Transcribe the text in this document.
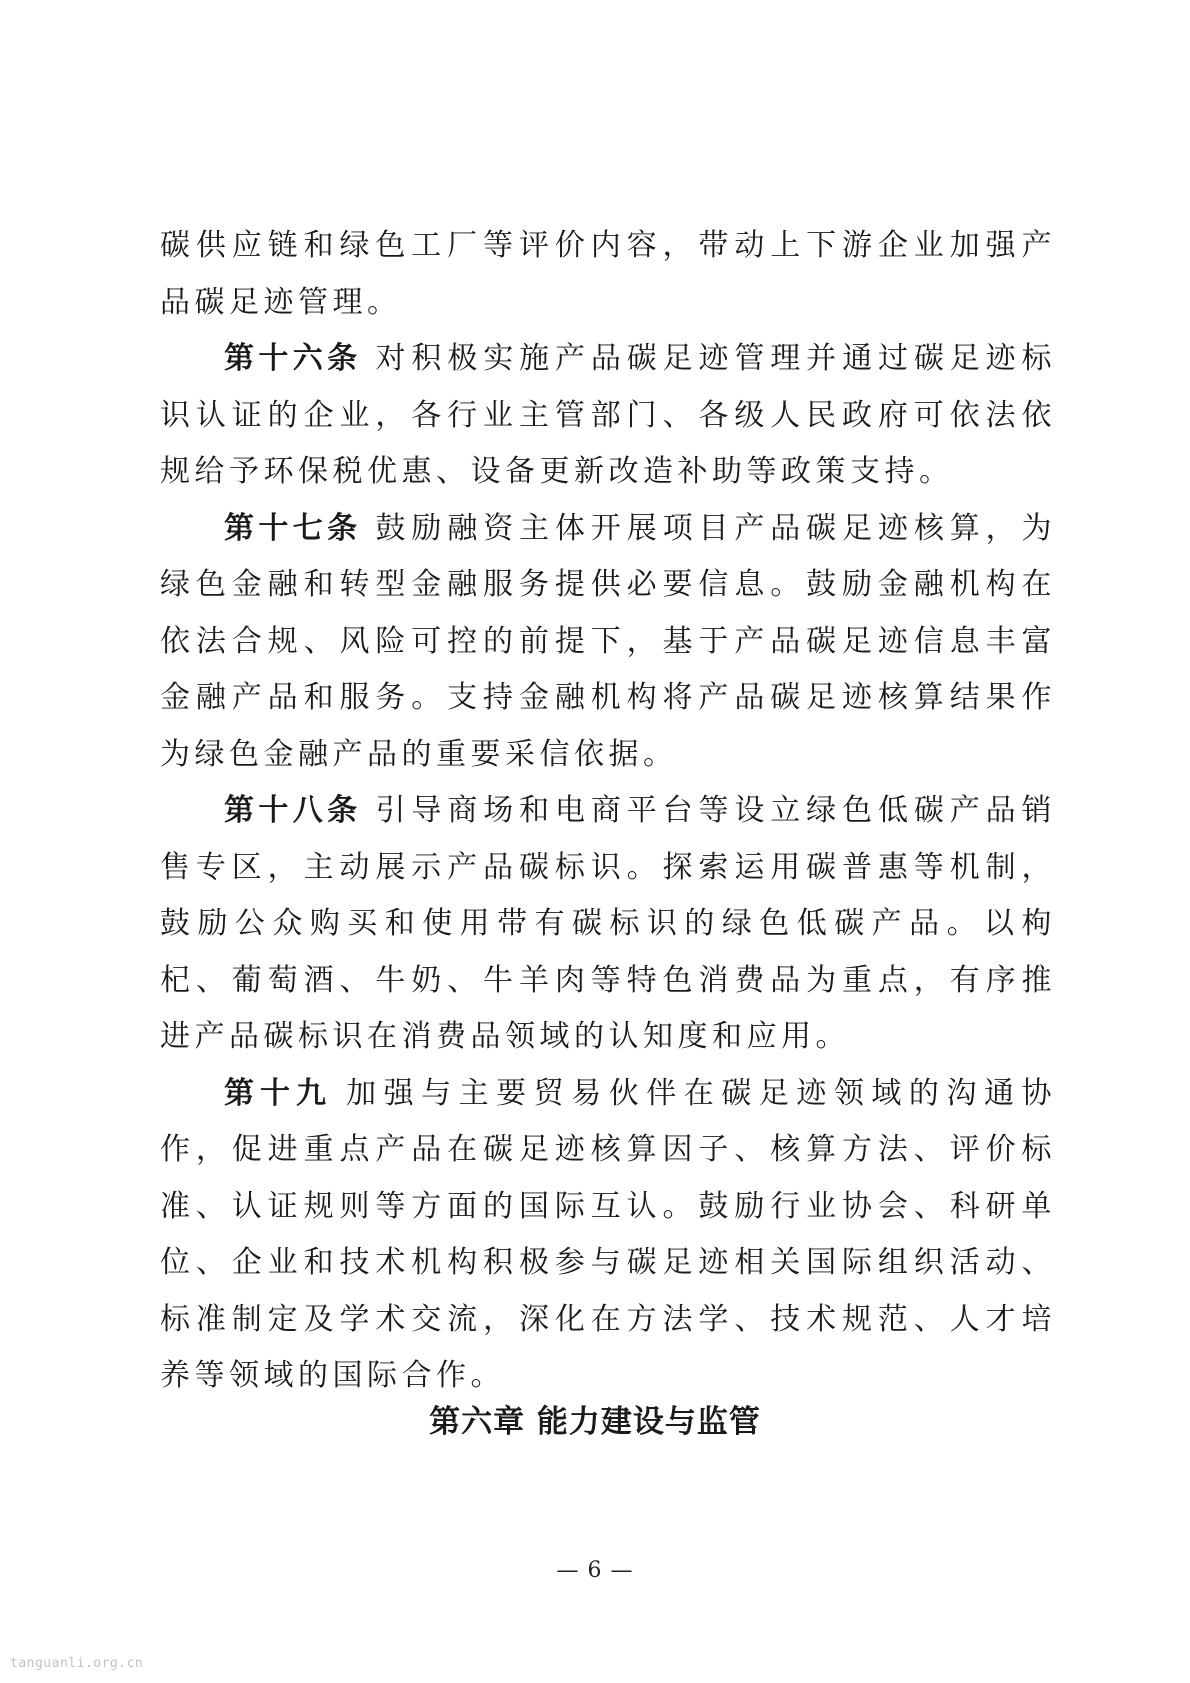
碳供应链和绿色工厂等评价内容，带动上下游企业加强产品碳足迹管理。

第十六条 对积极实施产品碳足迹管理并通过碳足迹标识认证的企业，各行业主管部门、各级人民政府可依法依规给予环保税优惠、设备更新改造补助等政策支持。

第十七条 鼓励融资主体开展项目产品碳足迹核算，为绿色金融和转型金融服务提供必要信息。鼓励金融机构在依法合规、风险可控的前提下，基于产品碳足迹信息丰富金融产品和服务。支持金融机构将产品碳足迹核算结果作为绿色金融产品的重要采信依据。

第十八条 引导商场和电商平台等设立绿色低碳产品销售专区，主动展示产品碳标识。探索运用碳普惠等机制，鼓励公众购买和使用带有碳标识的绿色低碳产品。以枸杞、葡萄酒、牛奶、牛羊肉等特色消费品为重点，有序推进产品碳标识在消费品领域的认知度和应用。

第十九 加强与主要贸易伙伴在碳足迹领域的沟通协作，促进重点产品在碳足迹核算因子、核算方法、评价标准、认证规则等方面的国际互认。鼓励行业协会、科研单位、企业和技术机构积极参与碳足迹相关国际组织活动、标准制定及学术交流，深化在方法学、技术规范、人才培养等领域的国际合作。

第六章 能力建设与监管
— 6 —
tanguanli.org.cn
